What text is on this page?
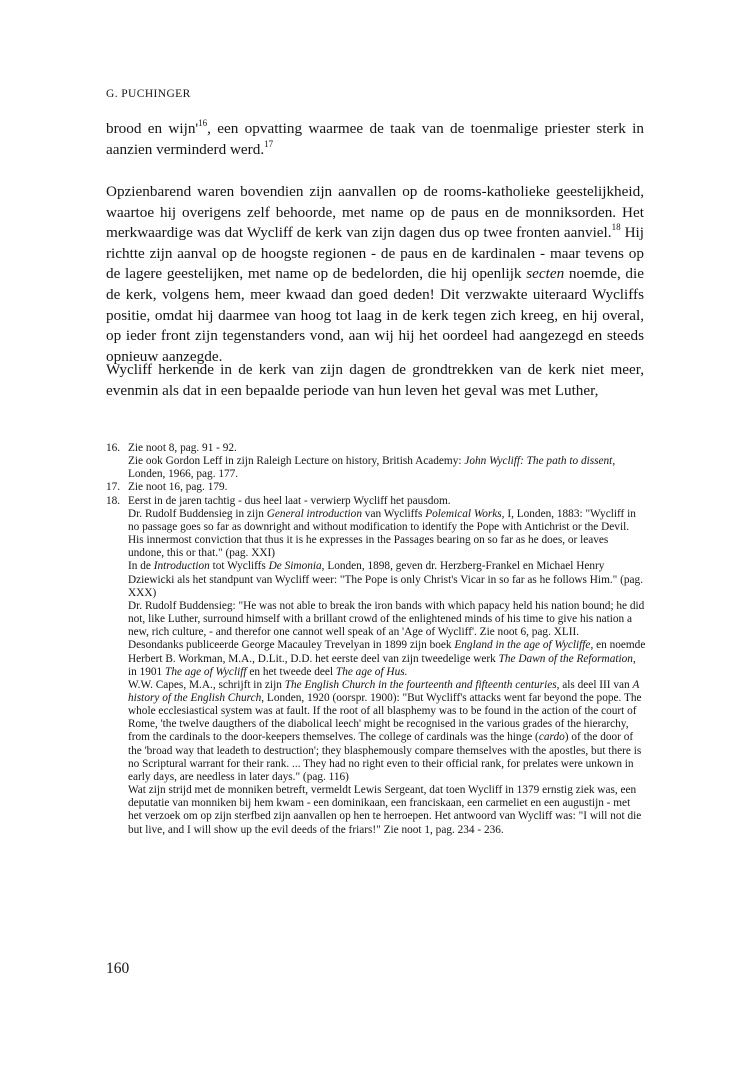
G. PUCHINGER

brood en $wijn'^{16}$, een opvatting waarmee de taak van de toenmalige priester sterk in aanzien verminderd werd.$^{17}$

Opzienbarend waren bovendien zijn aanvallen op de rooms-katholieke geestelijkheid, waartoe hij overigens zelf behoorde, met name op de paus en de monniksorden. Het merkwaardige was dat Wycliff de kerk van zijn dagen dus op twee fronten aanviel.$^{18}$ Hij richtte zijn aanval op de hoogste regionen - de paus en de kardinalen - maar tevens op de lagere geestelijken, met name op de bedelorden, die hij openlijk secten noemde, die de kerk, volgens hem, meer kwaad dan goed deden! Dit verzwakte uiteraard Wycliffs positie, omdat hij daarmee van hoog tot laag in de kerk tegen zich kreeg, en hij overal, op ieder front zijn tegenstanders vond, aan wij hij het oordeel had aangezegd en steeds opnieuw aanzegde.

Wycliff herkende in de kerk van zijn dagen de grondtrekken van de kerk niet meer, evenmin als dat in een bepaalde periode van hun leven het geval was met Luther,

16. Zie noot 8, pag. 91 - 92.
Zie ook Gordon Leff in zijn Raleigh Lecture on history, British Academy: John Wycliff: The path to dissent, Londen, 1966, pag. 177.
17. Zie noot 16, pag. 179.
18. Eerst in de jaren tachtig - dus heel laat - verwierp Wycliff het pausdom.
Dr. Rudolf Buddensieg in zijn General introduction van Wycliffs Polemical Works, I, Londen, 1883: "Wycliff in no passage goes so far as downright and without modification to identify the Pope with Antichrist or the Devil. His innermost conviction that thus it is he expresses in the Passages bearing on so far as he does, or leaves undone, this or that." (pag. XXI)
In de Introduction tot Wycliffs De Simonia, Londen, 1898, geven dr. Herzberg-Frankel en Michael Henry Dziewicki als het standpunt van Wycliff weer: "The Pope is only Christ's Vicar in so far as he follows Him." (pag. XXX)
Dr. Rudolf Buddensieg: "He was not able to break the iron bands with which papacy held his nation bound; he did not, like Luther, surround himself with a brillant crowd of the enlightened minds of his time to give his nation a new, rich culture, - and therefor one cannot well speak of an 'Age of Wycliff'. Zie noot 6, pag. XLII.
Desondanks publiceerde George Macauley Trevelyan in 1899 zijn boek England in the age of Wycliffe, en noemde Herbert B. Workman, M.A., D.Lit., D.D. het eerste deel van zijn tweedelige werk The Dawn of the Reformation, in 1901 The age of Wycliff en het tweede deel The age of Hus.
W.W. Capes, M.A., schrijft in zijn The English Church in the fourteenth and fifteenth centuries, als deel III van A history of the English Church, Londen, 1920 (oorspr. 1900): "But Wycliff's attacks went far beyond the pope. The whole ecclesiastical system was at fault. If the root of all blasphemy was to be found in the action of the court of Rome, 'the twelve daugthers of the diabolical leech' might be recognised in the various grades of the hierarchy, from the cardinals to the door-keepers themselves. The college of cardinals was the hinge (cardo) of the door of the 'broad way that leadeth to destruction'; they blasphemously compare themselves with the apostles, but there is no Scriptural warrant for their rank. ... They had no right even to their official rank, for prelates were unkown in early days, are needless in later days." (pag. 116)
Wat zijn strijd met de monniken betreft, vermeldt Lewis Sergeant, dat toen Wycliff in 1379 ernstig ziek was, een deputatie van monniken bij hem kwam - een dominikaan, een franciskaan, een carmeliet en een augustijn - met het verzoek om op zijn sterfbed zijn aanvallen op hen te herroepen. Het antwoord van Wycliff was: "I will not die but live, and I will show up the evil deeds of the friars!" Zie noot 1, pag. 234 - 236.
160
